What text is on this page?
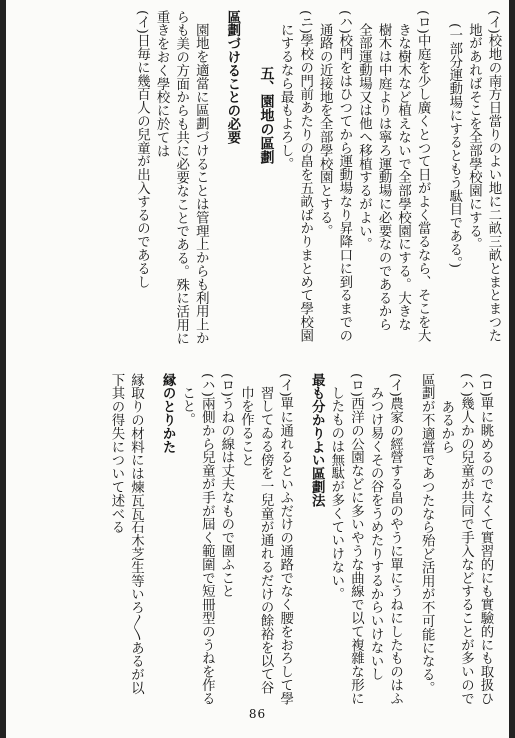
(イ)校地の南方日當りのよい地に二畝三畝とまとまつた
地があればそこを全部學校園にする。
(一部分運動場にするともう駄目である。)
(ロ)中庭を少し廣くとつて日がよく當るなら、そこを大
きな樹木など植えないで全部學校園にする。大きな
樹木は中庭よりは寧ろ運動場に必要なのであるから
全部運動場又は他へ移植するがよい。
(ハ)校門をはひつてから運動場なり昇降口に到るまでの
通路の近接地を全部學校園とする。
(ニ)學校の門前あたりの畠を五畝ばかりまとめて學校園
にするなら最もよろし。
五、園地の區劃
區劃づけることの必要
園地を適當に區劃づけることは管理上からも利用上か
らも美の方面からも共に必要なことである。殊に活用に
重きをおく學校に於ては
(イ)日毎に幾百人の兒童が出入するのであるし
(ロ)單に眺めるのでなくて實習的にも實驗的にも取扱ひ
(ハ)幾人かの兒童が共同で手入などすることが多いので
あるから
區劃が不適當であつたなら殆ど活用が不可能になる。
(イ)農家の經營する畠のやうに單にうねにしたものはふ
みつけ易くその谷をうめたりするからいけないし
(ロ)西洋の公園などに多いやうな曲線で以て複雜な形に
したものは無駄が多くていけない。
最も分かりよい區劃法
(イ)單に通れるといふだけの通路でなく腰をおろして學
習してゐる傍を一兒童が通れるだけの餘裕を以て谷
巾を作ること
(ロ)うねの線は丈夫なもので圍ふこと
(ハ)兩側から兒童が手が屆く範圍で短冊型のうねを作る
こと。
縁のとりかた
縁取りの材料には煉瓦瓦石木芝生等いろ〳〵あるが以
下其の得失について述べる
86
